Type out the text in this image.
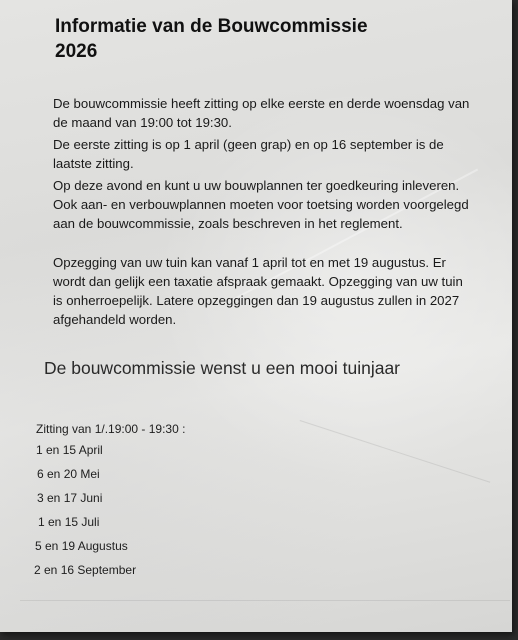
Informatie van de Bouwcommissie
2026

De bouwcommissie heeft zitting op elke eerste en derde woensdag van de maand van 19:00 tot 19:30.

De eerste zitting is op 1 april (geen grap) en op 16 september is de laatste zitting.

Op deze avond en kunt u uw bouwplannen ter goedkeuring inleveren. Ook aan- en verbouwplannen moeten voor toetsing worden voorgelegd aan de bouwcommissie, zoals beschreven in het reglement.

Opzegging van uw tuin kan vanaf 1 april tot en met 19 augustus. Er wordt dan gelijk een taxatie afspraak gemaakt. Opzegging van uw tuin is onherroepelijk. Latere opzeggingen dan 19 augustus zullen in 2027 afgehandeld worden.

De bouwcommissie wenst u een mooi tuinjaar

Zitting van 1/.19:00 - 19:30 :

1 en 15 April
6 en 20 Mei
3 en 17 Juni
1 en 15 Juli
5 en 19 Augustus
2 en 16 September
